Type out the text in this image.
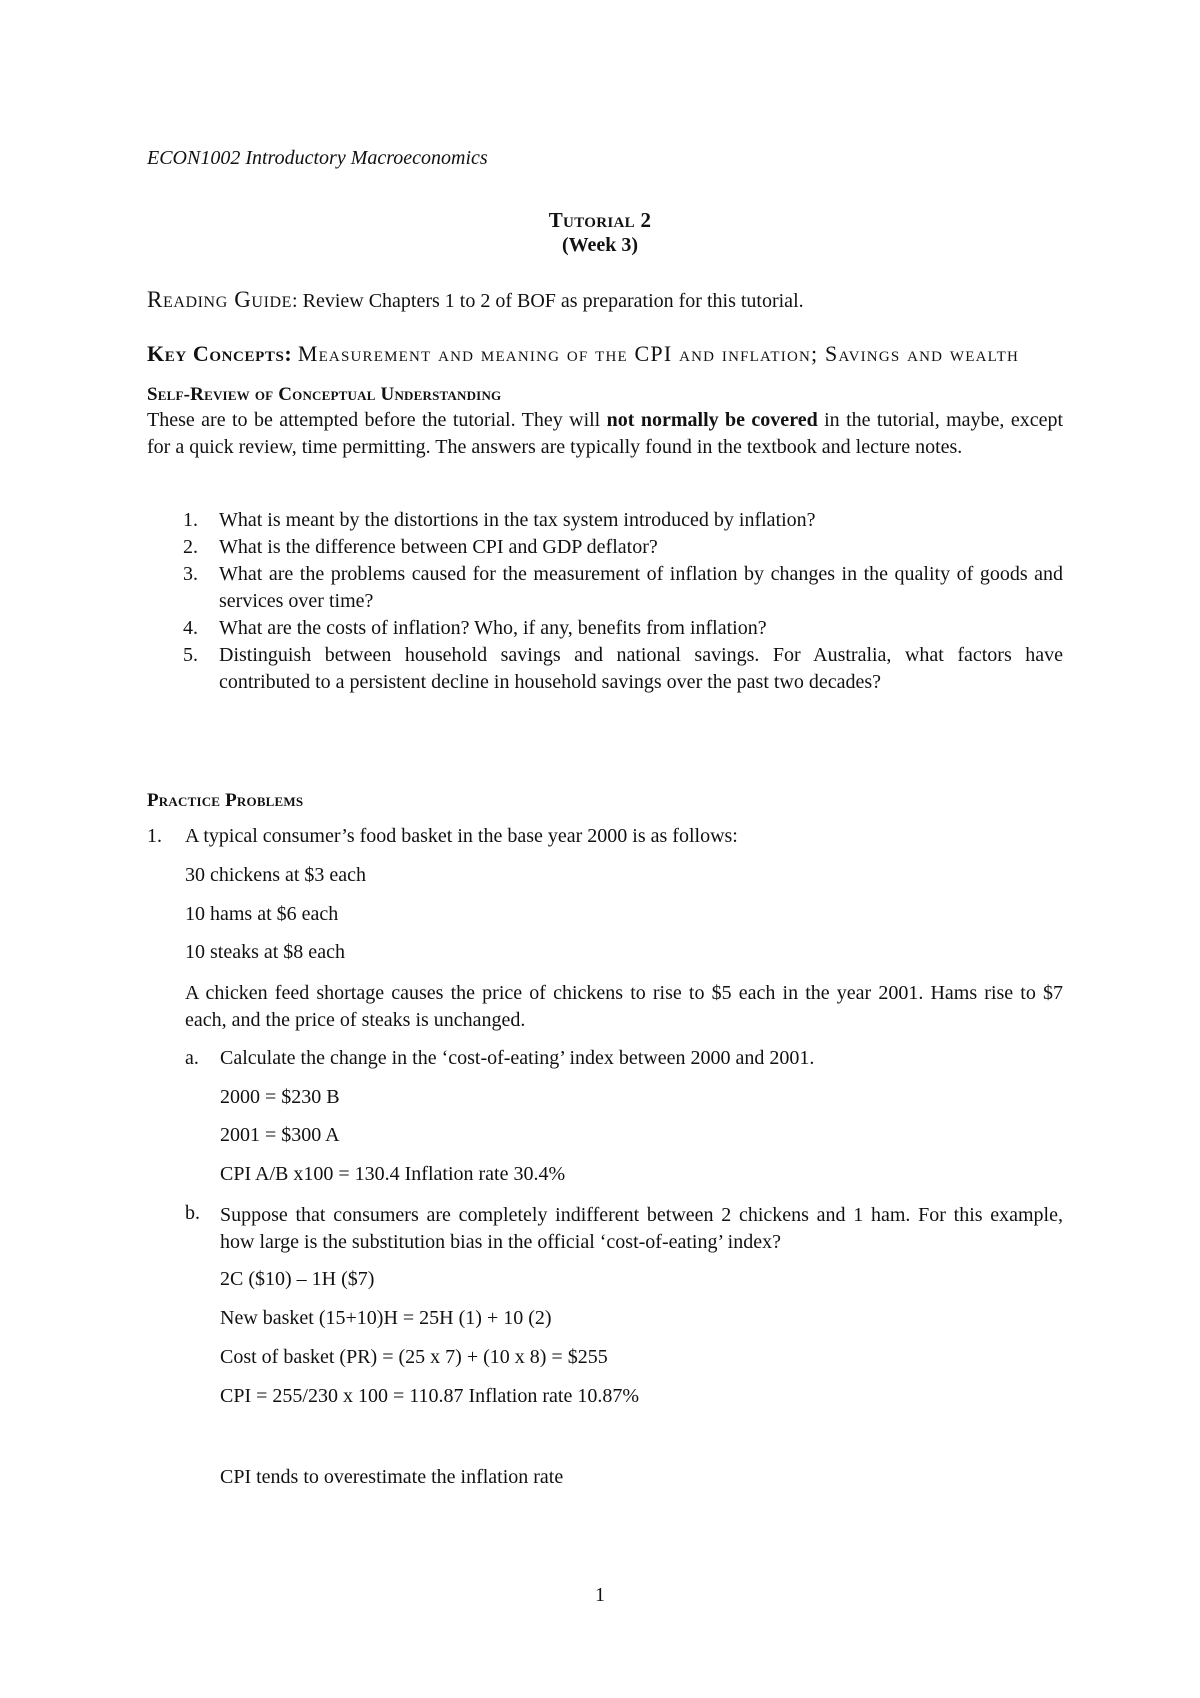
ECON1002 Introductory Macroeconomics
Tutorial 2
(Week 3)
Reading Guide: Review Chapters 1 to 2 of BOF as preparation for this tutorial.
Key Concepts: Measurement and meaning of the CPI and inflation; Savings and wealth
Self-Review of Conceptual Understanding
These are to be attempted before the tutorial. They will not normally be covered in the tutorial, maybe, except for a quick review, time permitting. The answers are typically found in the textbook and lecture notes.
1. What is meant by the distortions in the tax system introduced by inflation?
2. What is the difference between CPI and GDP deflator?
3. What are the problems caused for the measurement of inflation by changes in the quality of goods and services over time?
4. What are the costs of inflation? Who, if any, benefits from inflation?
5. Distinguish between household savings and national savings. For Australia, what factors have contributed to a persistent decline in household savings over the past two decades?
Practice Problems
1. A typical consumer’s food basket in the base year 2000 is as follows:
30 chickens at $3 each
10 hams at $6 each
10 steaks at $8 each
A chicken feed shortage causes the price of chickens to rise to $5 each in the year 2001. Hams rise to $7 each, and the price of steaks is unchanged.
a. Calculate the change in the ‘cost-of-eating’ index between 2000 and 2001.
2000 = $230 B
2001 = $300 A
CPI A/B x100 = 130.4 Inflation rate 30.4%
b. Suppose that consumers are completely indifferent between 2 chickens and 1 ham. For this example, how large is the substitution bias in the official ‘cost-of-eating’ index?
2C ($10) – 1H ($7)
New basket (15+10)H = 25H (1) + 10 (2)
Cost of basket (PR) = (25 x 7) + (10 x 8) = $255
CPI = 255/230 x 100 = 110.87 Inflation rate 10.87%
CPI tends to overestimate the inflation rate
1
